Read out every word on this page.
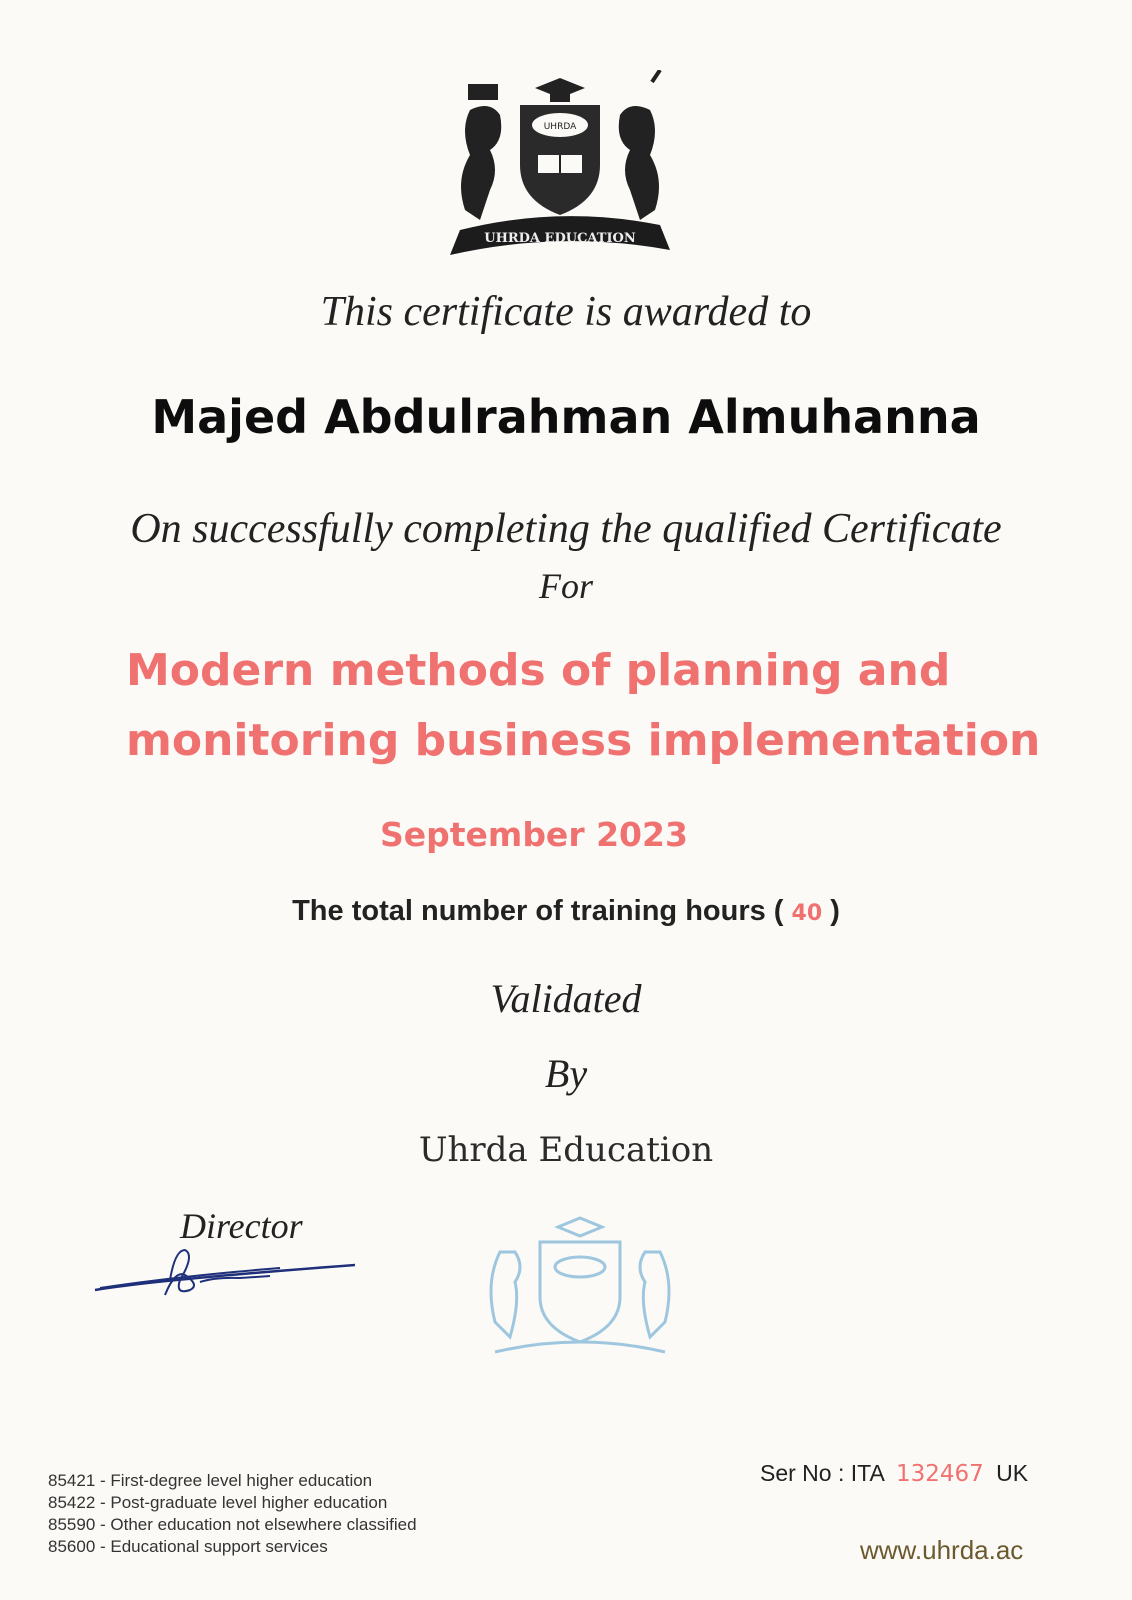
UHRDA
UHRDA EDUCATION
This certificate is awarded to
Majed Abdulrahman Almuhanna
On successfully completing the qualified Certificate
For
Modern methods of planning and
monitoring business implementation
September 2023
The total number of training hours ( 40 )
Validated
By
Uhrda Education
Director
85421 - First-degree level higher education
85422 - Post-graduate level higher education
85590 - Other education not elsewhere classified
85600 - Educational support services
Ser No : ITA 132467 UK
www.uhrda.ac
